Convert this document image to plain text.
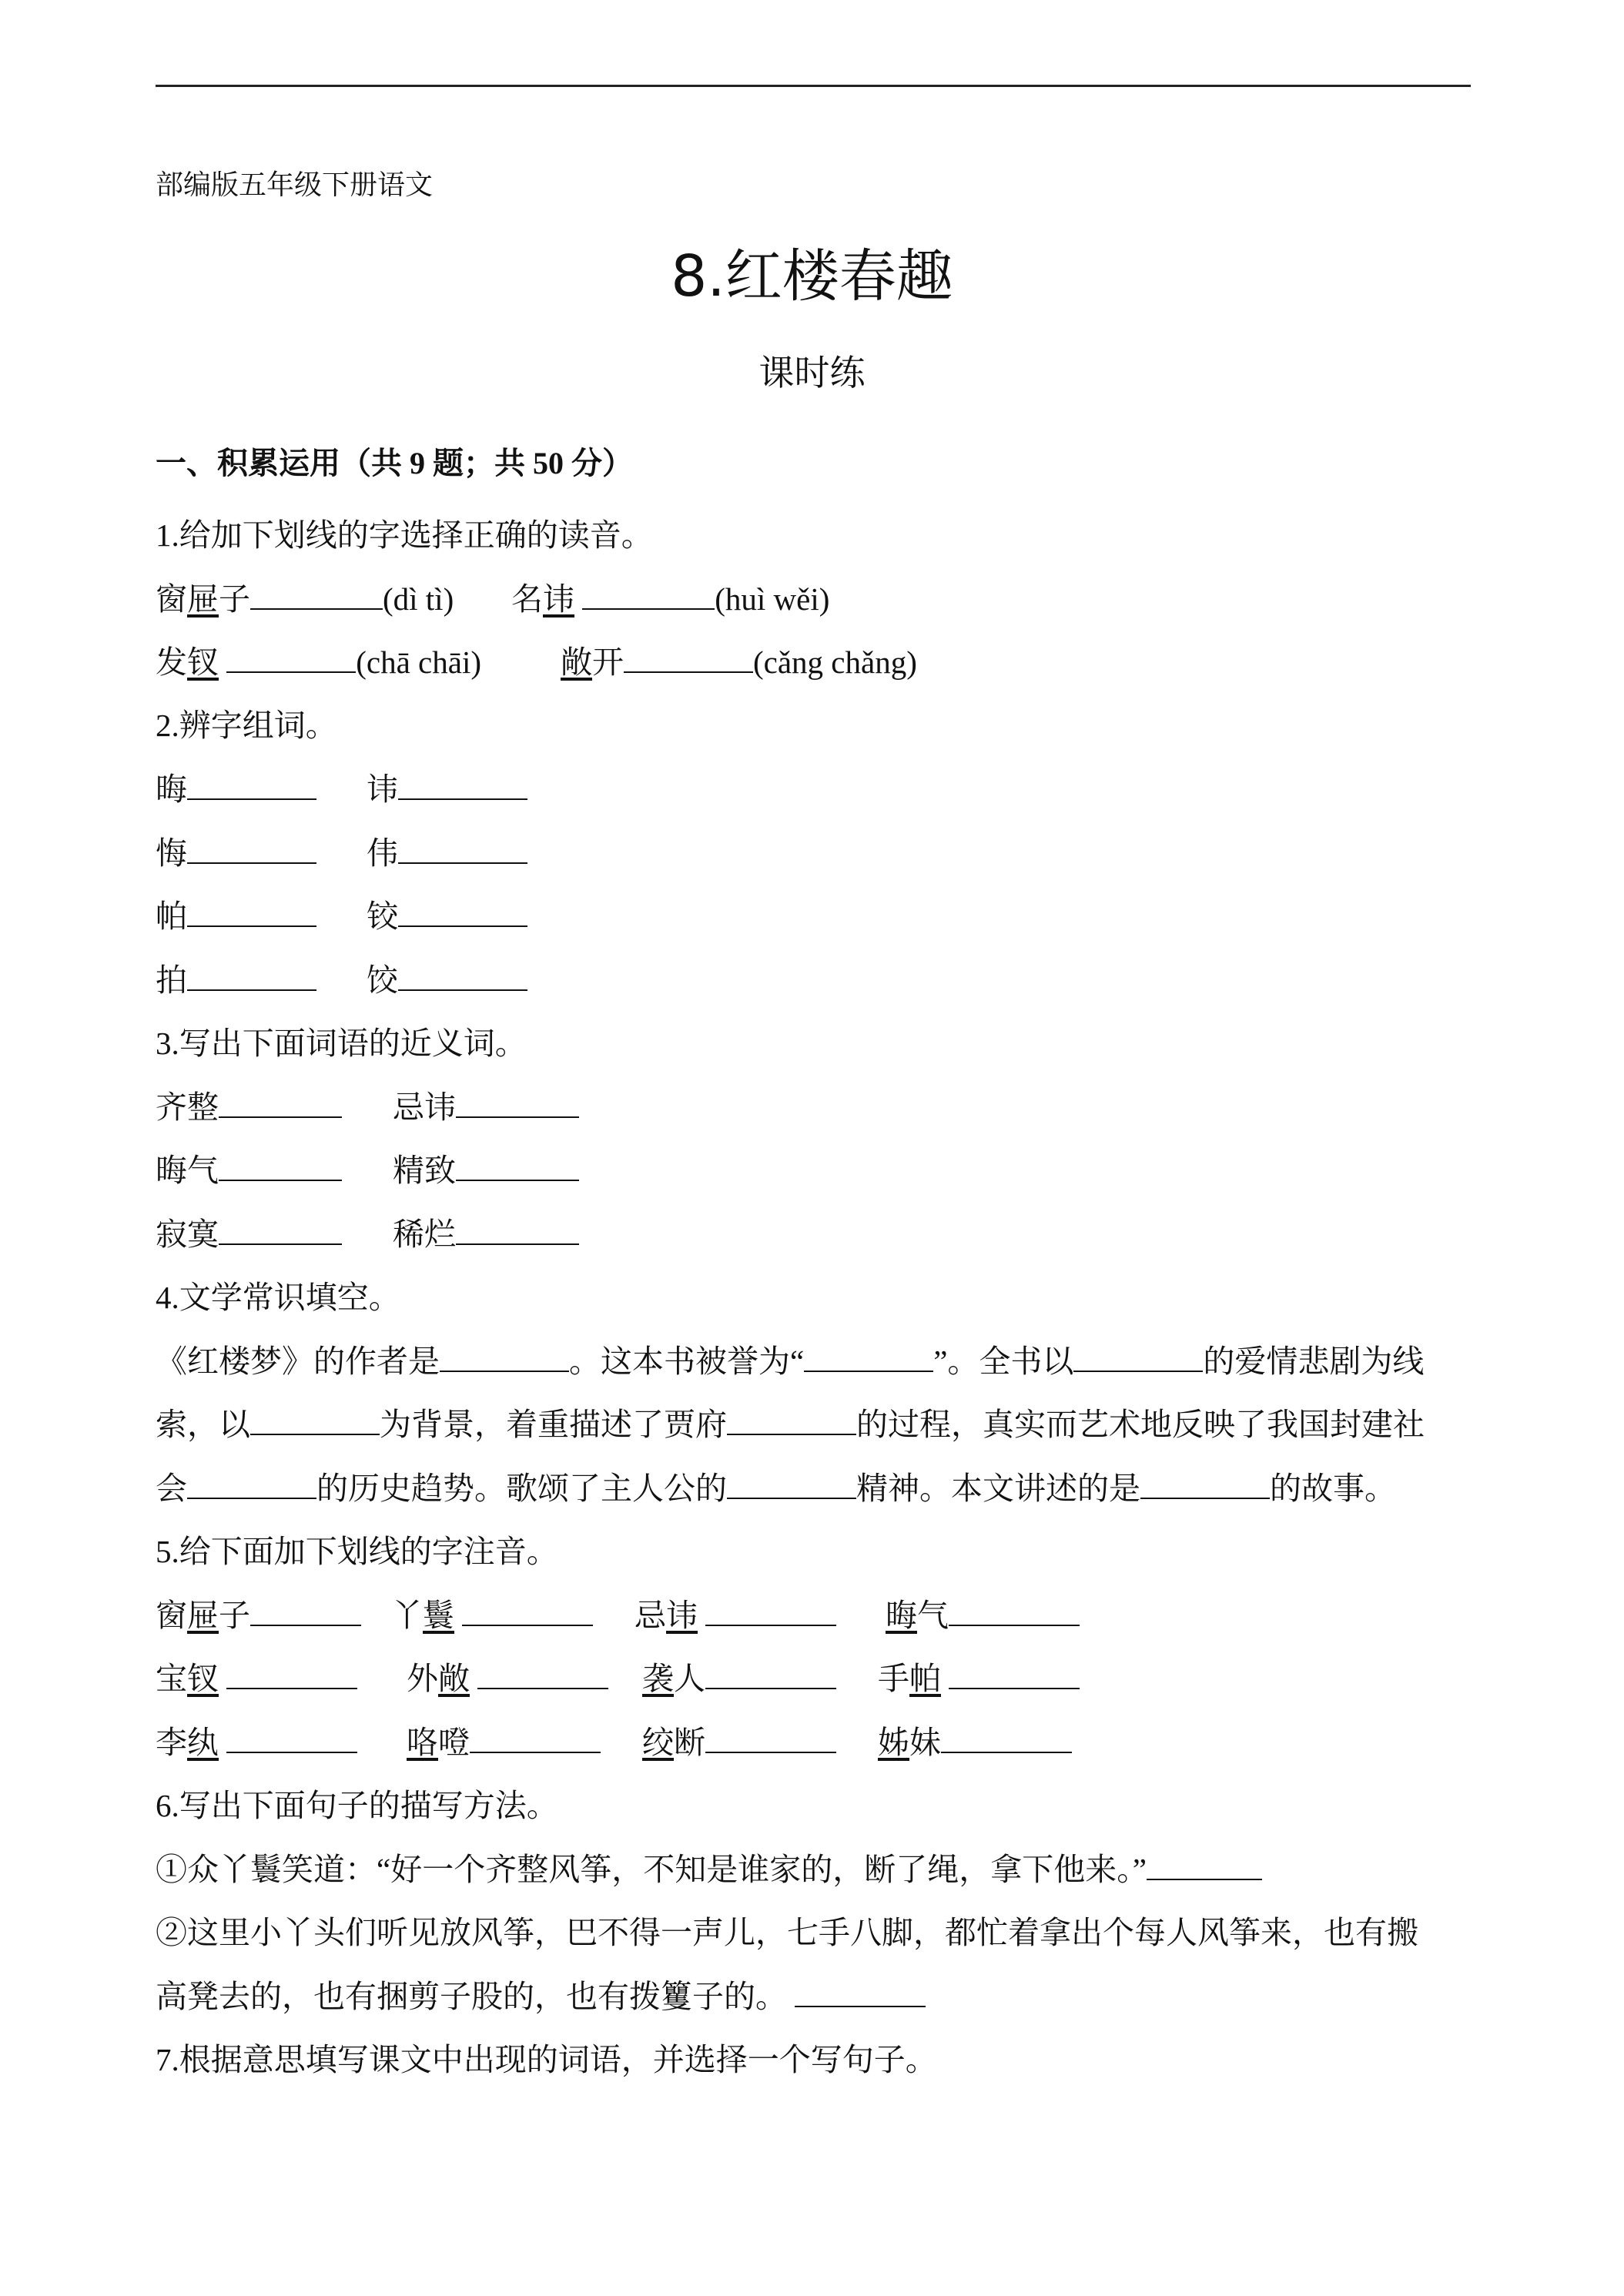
部编版五年级下册语文
8.红楼春趣
课时练
一、积累运用（共 9 题；共 50 分）
1.给加下划线的字选择正确的读音。
窗屉子	(dì tì) 名讳	(huì wěi)
发钗	(chā chāi)	敞开	(cǎng chǎng)
2.辨字组词。
晦	讳
悔	伟
帕	铰
拍	饺
3.写出下面词语的近义词。
齐整	忌讳
晦气	精致
寂寞	稀烂
4.文学常识填空。
《红楼梦》的作者是	。这本书被誉为“	”。全书以	的爱情悲剧为线
索，以	为背景，着重描述了贾府	的过程，真实而艺术地反映了我国封建社
会	的历史趋势。歌颂了主人公的	精神。本文讲述的是	的故事。
5.给下面加下划线的字注音。
窗屉子	丫鬟	忌讳	晦气
宝钗	外敞	袭人	手帕
李纨	咯噔	绞断	姊妹
6.写出下面句子的描写方法。
①众丫鬟笑道：“好一个齐整风筝，不知是谁家的，断了绳，拿下他来。”
②这里小丫头们听见放风筝，巴不得一声儿，七手八脚，都忙着拿出个每人风筝来，也有搬
高凳去的，也有捆剪子股的，也有拨籰子的。
7.根据意思填写课文中出现的词语，并选择一个写句子。
